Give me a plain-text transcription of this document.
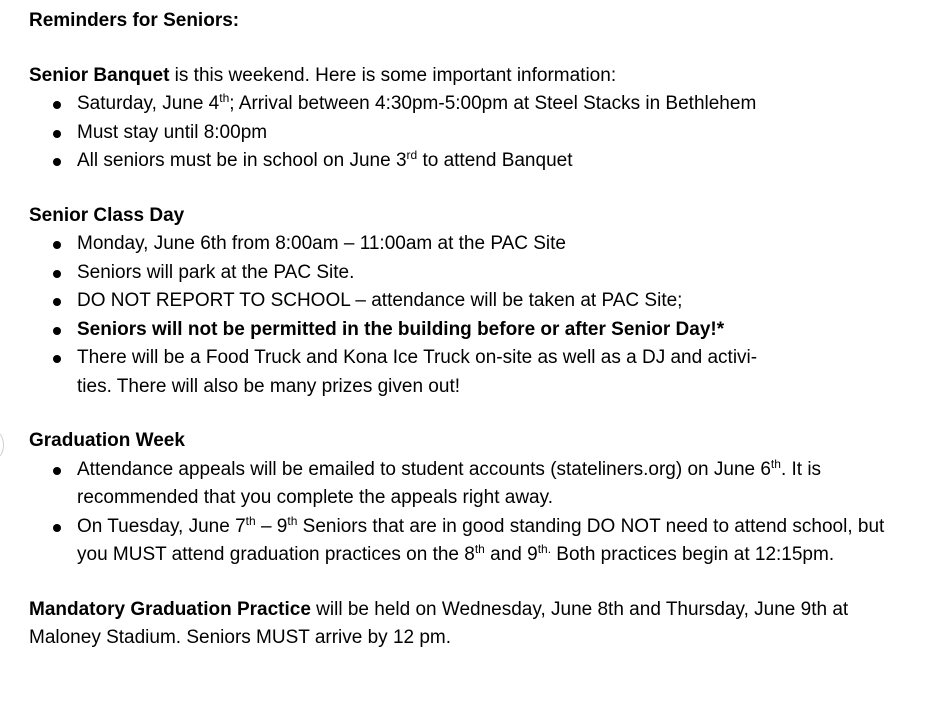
Reminders for Seniors:

Senior Banquet is this weekend. Here is some important information:

Saturday, June 4th; Arrival between 4:30pm-5:00pm at Steel Stacks in Bethlehem
Must stay until 8:00pm
All seniors must be in school on June 3rd to attend Banquet

Senior Class Day

Monday, June 6th from 8:00am – 11:00am at the PAC Site
Seniors will park at the PAC Site.
DO NOT REPORT TO SCHOOL – attendance will be taken at PAC Site;
Seniors will not be permitted in the building before or after Senior Day!*
There will be a Food Truck and Kona Ice Truck on-site as well as a DJ and activi-
ties. There will also be many prizes given out!

Graduation Week

Attendance appeals will be emailed to student accounts (stateliners.org) on June 6th. It is recommended that you complete the appeals right away.
On Tuesday, June 7th – 9th Seniors that are in good standing DO NOT need to attend school, but you MUST attend graduation practices on the 8th and $9^{th.}$ Both practices begin at 12:15pm.

Mandatory Graduation Practice will be held on Wednesday, June 8th and Thursday, June 9th at Maloney Stadium. Seniors MUST arrive by 12 pm.
